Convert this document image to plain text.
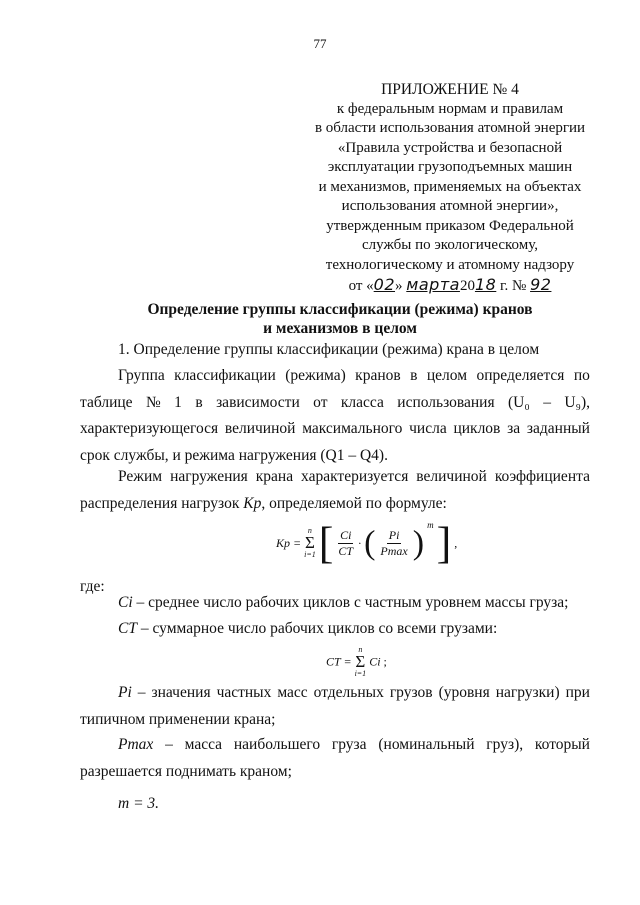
77
ПРИЛОЖЕНИЕ № 4
к федеральным нормам и правилам
в области использования атомной энергии
«Правила устройства и безопасной
эксплуатации грузоподъемных машин
и механизмов, применяемых на объектах
использования атомной энергии»,
утвержденным приказом Федеральной
службы по экологическому,
технологическому и атомному надзору
от «02» марта2018 г. № 92
Определение группы классификации (режима) кранов
и механизмов в целом
1. Определение группы классификации (режима) крана в целом
Группа классификации (режима) кранов в целом определяется по
таблице № 1 в зависимости от класса использования (U₀ – U₉),
характеризующегося величиной максимального числа циклов за заданный
срок службы, и режима нагружения (Q1 – Q4).
Режим нагружения крана характеризуется величиной коэффициента
распределения нагрузок Kp, определяемой по формуле:
Kp =
n
Σ
i=1 [ $\frac{Ci}{CT}$ · ( $\frac{Pi}{Pmax}$ ) $^m$ ] ,
где:
Ci – среднее число рабочих циклов с частным уровнем массы груза;
CT – суммарное число рабочих циклов со всеми грузами:
CT =
n
Σ
i=1
Ci ;
Pi – значения частных масс отдельных грузов (уровня нагрузки) при
типичном применении крана;
Pmax – масса наибольшего груза (номинальный груз), который
разрешается поднимать краном;
m = 3.
